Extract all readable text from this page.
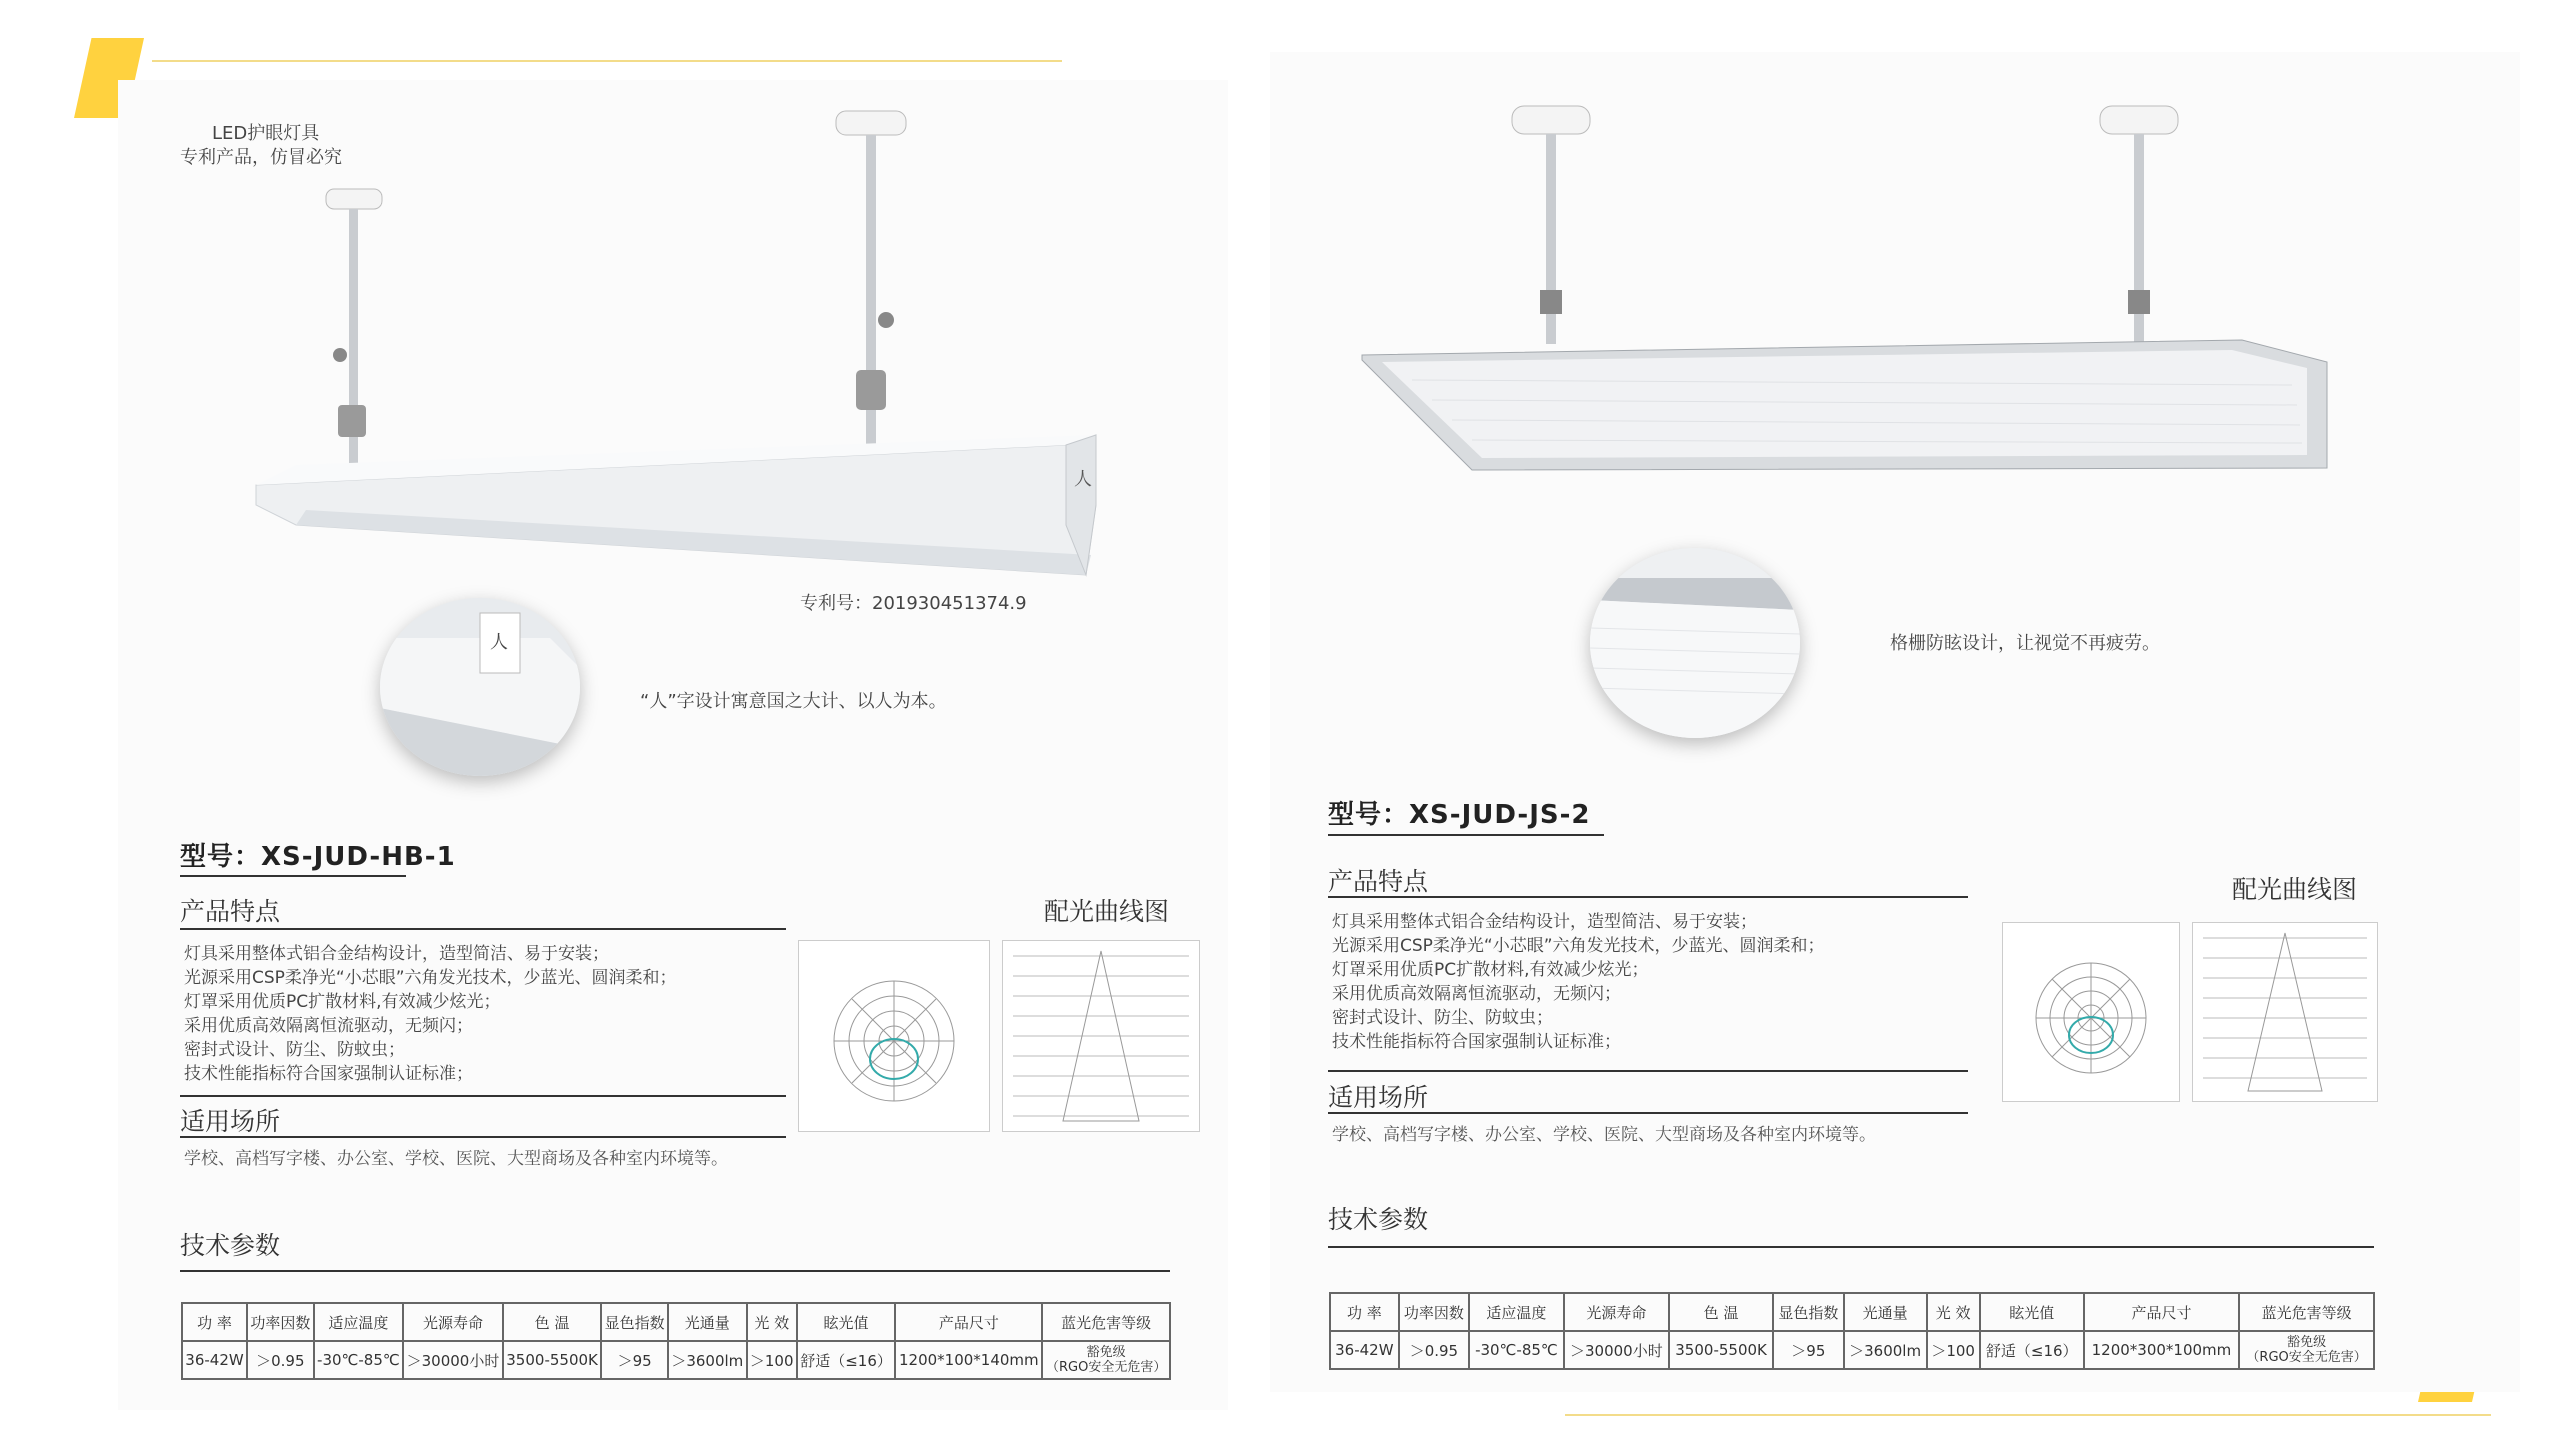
LED护眼灯具
专利产品，仿冒必究
人
专利号：201930451374.9
人
“人”字设计寓意国之大计、以人为本。
型号：XS-JUD-HB-1
产品特点	配光曲线图
灯具采用整体式铝合金结构设计，造型简洁、易于安装；
光源采用CSP柔净光“小芯眼”六角发光技术，少蓝光、圆润柔和；
灯罩采用优质PC扩散材料,有效减少炫光；
采用优质高效隔离恒流驱动，无频闪；
密封式设计、防尘、防蚊虫；
技术性能指标符合国家强制认证标准；
适用场所
学校、高档写字楼、办公室、学校、医院、大型商场及各种室内环境等。
技术参数
功 率	功率因数	适应温度	光源寿命	色 温	显色指数	光通量	光 效	眩光值	产品尺寸	蓝光危害等级
36-42W	＞0.95	-30℃-85℃	＞30000小时	3500-5500K	＞95	＞3600lm	＞100	舒适（≤16）	1200*100*140mm	豁免级
（RGO安全无危害）
格栅防眩设计，让视觉不再疲劳。
型号：XS-JUD-JS-2
产品特点	配光曲线图
灯具采用整体式铝合金结构设计，造型简洁、易于安装；
光源采用CSP柔净光“小芯眼”六角发光技术，少蓝光、圆润柔和；
灯罩采用优质PC扩散材料,有效减少炫光；
采用优质高效隔离恒流驱动，无频闪；
密封式设计、防尘、防蚊虫；
技术性能指标符合国家强制认证标准；
适用场所
学校、高档写字楼、办公室、学校、医院、大型商场及各种室内环境等。
技术参数
功 率	功率因数	适应温度	光源寿命	色 温	显色指数	光通量	光 效	眩光值	产品尺寸	蓝光危害等级
36-42W	＞0.95	-30℃-85℃	＞30000小时	3500-5500K	＞95	＞3600lm	＞100	舒适（≤16）	1200*300*100mm	豁免级
（RGO安全无危害）
